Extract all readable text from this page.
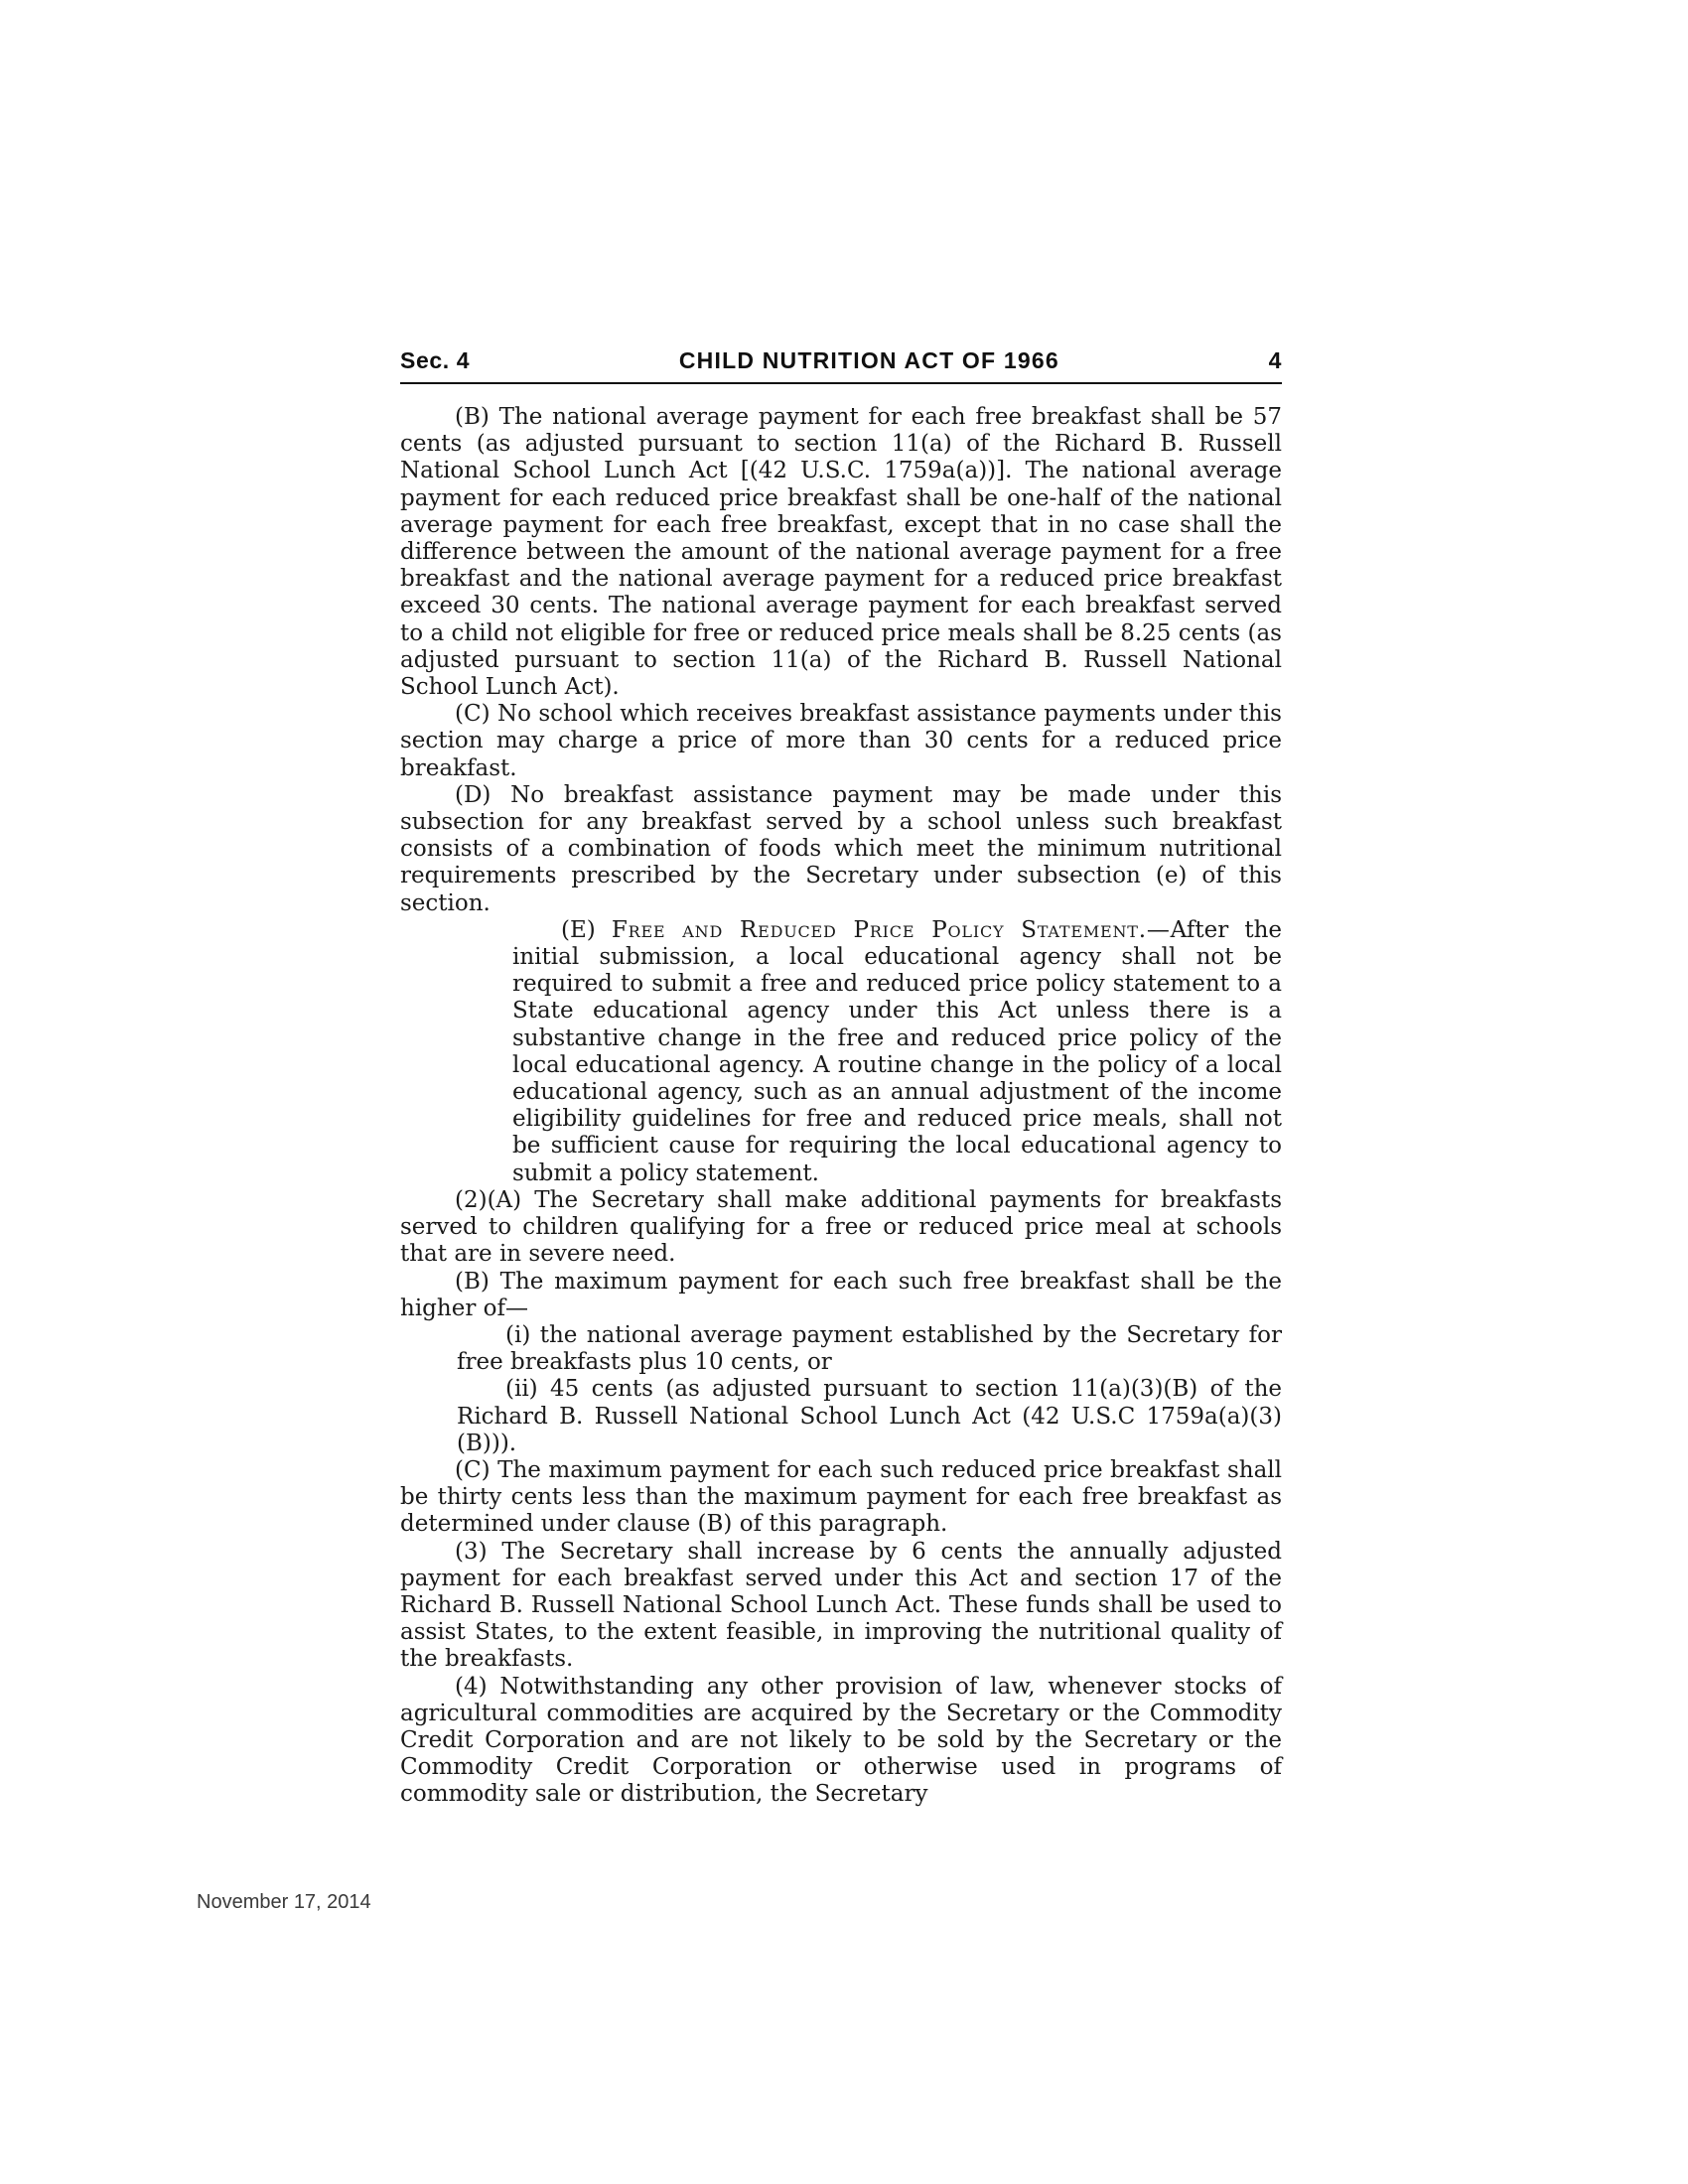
Sec. 4	CHILD NUTRITION ACT OF 1966	4

(B) The national average payment for each free breakfast shall be 57 cents (as adjusted pursuant to section 11(a) of the Richard B. Russell National School Lunch Act [(42 U.S.C. 1759a(a))]. The national average payment for each reduced price breakfast shall be one-half of the national average payment for each free breakfast, except that in no case shall the difference between the amount of the national average payment for a free breakfast and the national average payment for a reduced price breakfast exceed 30 cents. The national average payment for each breakfast served to a child not eligible for free or reduced price meals shall be 8.25 cents (as adjusted pursuant to section 11(a) of the Richard B. Russell National School Lunch Act).

(C) No school which receives breakfast assistance payments under this section may charge a price of more than 30 cents for a reduced price breakfast.

(D) No breakfast assistance payment may be made under this subsection for any breakfast served by a school unless such breakfast consists of a combination of foods which meet the minimum nutritional requirements prescribed by the Secretary under subsection (e) of this section.

(E) Free and Reduced Price Policy Statement.—After the initial submission, a local educational agency shall not be required to submit a free and reduced price policy statement to a State educational agency under this Act unless there is a substantive change in the free and reduced price policy of the local educational agency. A routine change in the policy of a local educational agency, such as an annual adjustment of the income eligibility guidelines for free and reduced price meals, shall not be sufficient cause for requiring the local educational agency to submit a policy statement.

(2)(A) The Secretary shall make additional payments for breakfasts served to children qualifying for a free or reduced price meal at schools that are in severe need.

(B) The maximum payment for each such free breakfast shall be the higher of—

(i) the national average payment established by the Secretary for free breakfasts plus 10 cents, or

(ii) 45 cents (as adjusted pursuant to section 11(a)(3)(B) of the Richard B. Russell National School Lunch Act (42 U.S.C 1759a(a)(3)(B))).

(C) The maximum payment for each such reduced price breakfast shall be thirty cents less than the maximum payment for each free breakfast as determined under clause (B) of this paragraph.

(3) The Secretary shall increase by 6 cents the annually adjusted payment for each breakfast served under this Act and section 17 of the Richard B. Russell National School Lunch Act. These funds shall be used to assist States, to the extent feasible, in improving the nutritional quality of the breakfasts.

(4) Notwithstanding any other provision of law, whenever stocks of agricultural commodities are acquired by the Secretary or the Commodity Credit Corporation and are not likely to be sold by the Secretary or the Commodity Credit Corporation or otherwise used in programs of commodity sale or distribution, the Secretary

November 17, 2014
